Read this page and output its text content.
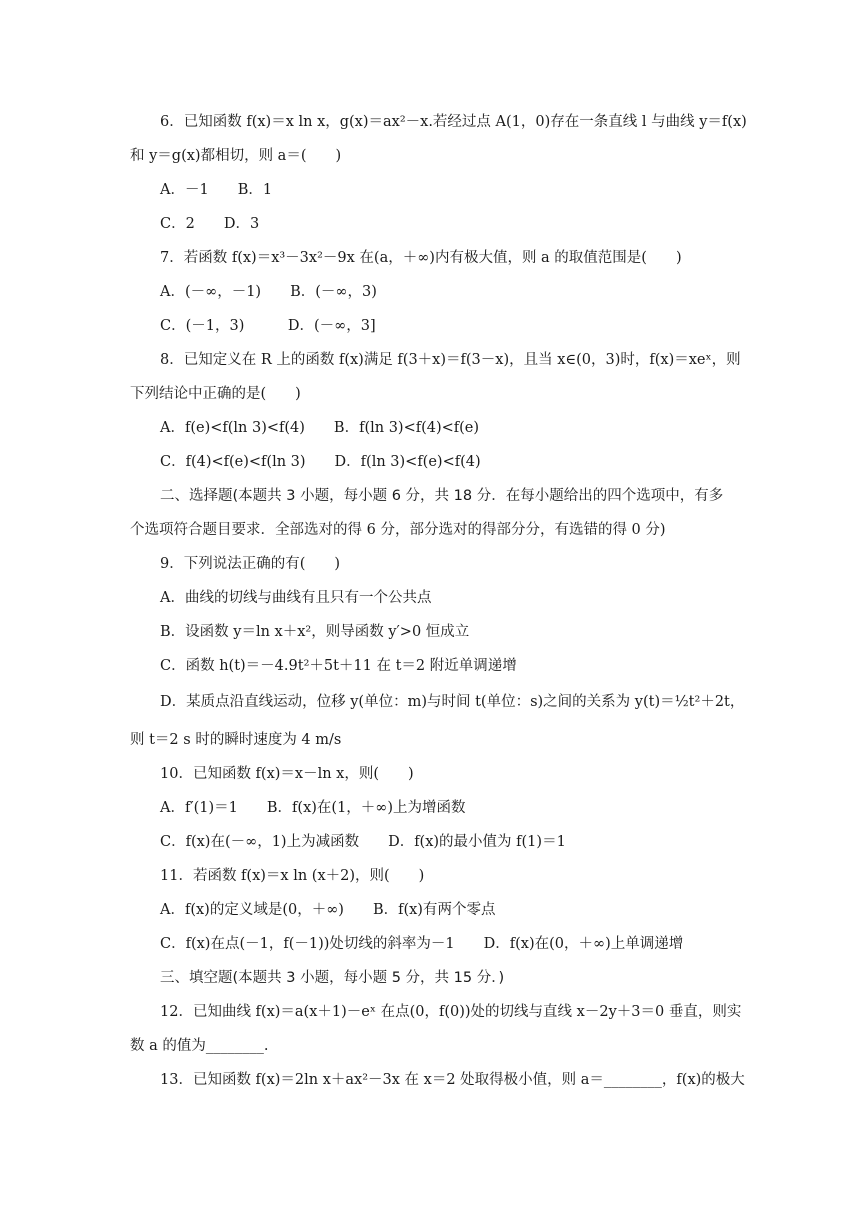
6．已知函数 f(x)＝x ln x，g(x)＝ax²－x.若经过点 A(1，0)存在一条直线 l 与曲线 y＝f(x)
和 y＝g(x)都相切，则 a＝(　　)
A．－1　　B．1
C．2　　D．3
7．若函数 f(x)＝x³－3x²－9x 在(a，＋∞)内有极大值，则 a 的取值范围是(　　)
A．(－∞，－1)　　B．(－∞，3)
C．(－1，3)　　　D．(－∞，3]
8．已知定义在 R 上的函数 f(x)满足 f(3＋x)＝f(3－x)，且当 x∈(0，3)时，f(x)＝xeˣ，则
下列结论中正确的是(　　)
A．f(e)<f(ln 3)<f(4)　　B．f(ln 3)<f(4)<f(e)
C．f(4)<f(e)<f(ln 3)　　D．f(ln 3)<f(e)<f(4)
二、选择题(本题共 3 小题，每小题 6 分，共 18 分．在每小题给出的四个选项中，有多
个选项符合题目要求．全部选对的得 6 分，部分选对的得部分分，有选错的得 0 分)
9．下列说法正确的有(　　)
A．曲线的切线与曲线有且只有一个公共点
B．设函数 y＝ln x＋x²，则导函数 y′>0 恒成立
C．函数 h(t)＝－4.9t²＋5t＋11 在 t＝2 附近单调递增
D．某质点沿直线运动，位移 y(单位：m)与时间 t(单位：s)之间的关系为 y(t)＝½t²＋2t，
则 t＝2 s 时的瞬时速度为 4 m/s
10．已知函数 f(x)＝x－ln x，则(　　)
A．f′(1)＝1　　B．f(x)在(1，＋∞)上为增函数
C．f(x)在(－∞，1)上为减函数　　D．f(x)的最小值为 f(1)＝1
11．若函数 f(x)＝x ln (x＋2)，则(　　)
A．f(x)的定义域是(0，＋∞)　　B．f(x)有两个零点
C．f(x)在点(－1，f(－1))处切线的斜率为－1　　D．f(x)在(0，＋∞)上单调递增
三、填空题(本题共 3 小题，每小题 5 分，共 15 分．)
12．已知曲线 f(x)＝a(x＋1)－eˣ 在点(0，f(0))处的切线与直线 x－2y＋3＝0 垂直，则实
数 a 的值为________.
13．已知函数 f(x)＝2ln x＋ax²－3x 在 x＝2 处取得极小值，则 a＝________，f(x)的极大
